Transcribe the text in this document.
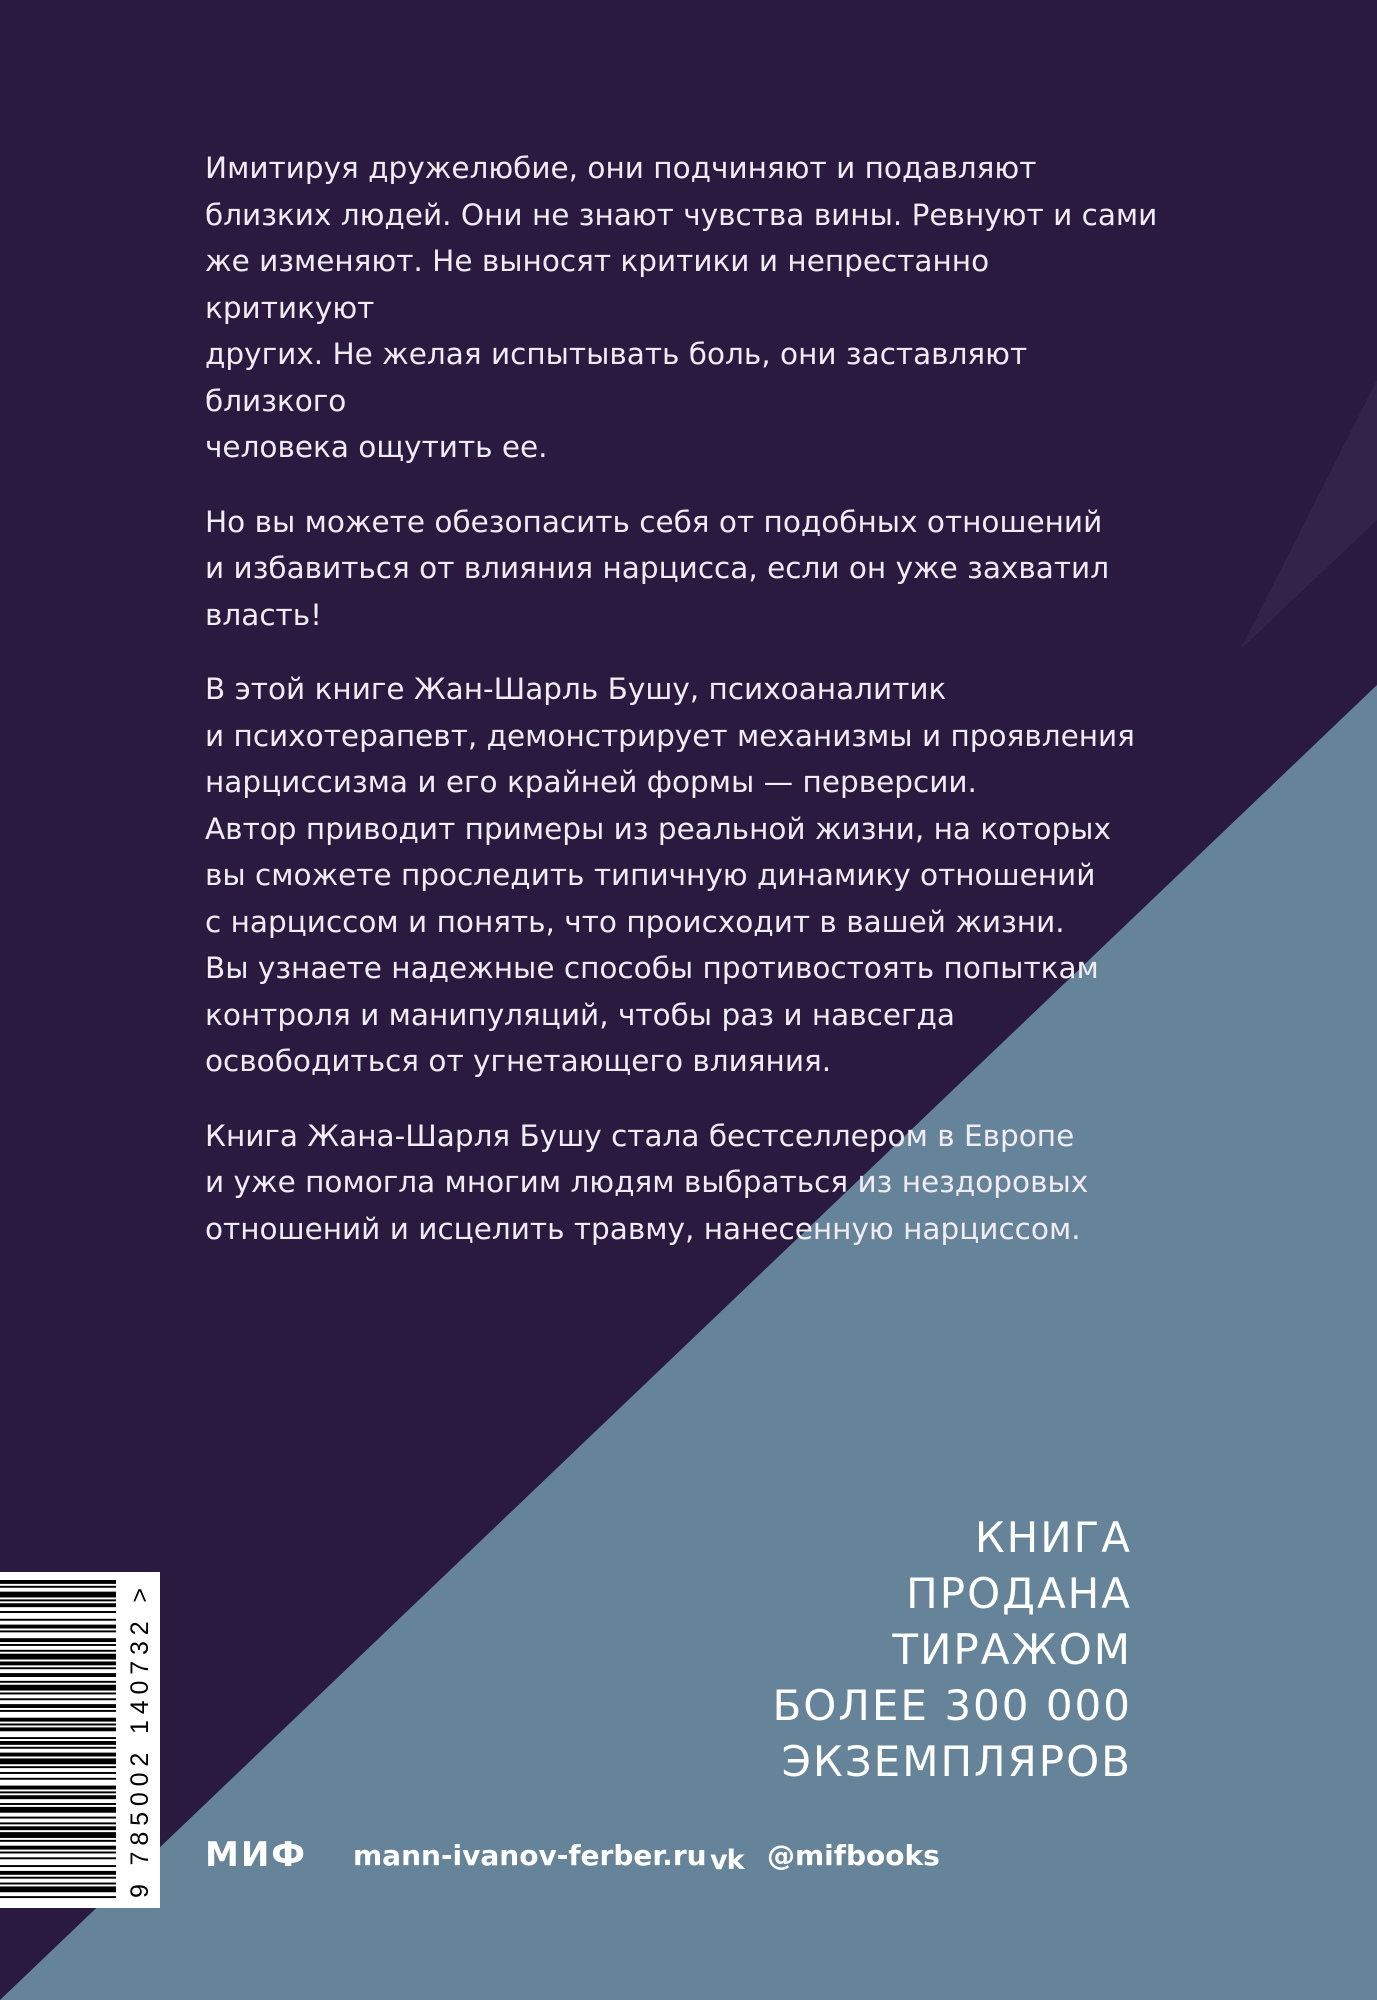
Имитируя дружелюбие, они подчиняют и подавляют
близких людей. Они не знают чувства вины. Ревнуют и сами
же изменяют. Не выносят критики и непрестанно критикуют
других. Не желая испытывать боль, они заставляют близкого
человека ощутить ее.

Но вы можете обезопасить себя от подобных отношений
и избавиться от влияния нарцисса, если он уже захватил
власть!

В этой книге Жан-Шарль Бушу, психоаналитик
и психотерапевт, демонстрирует механизмы и проявления
нарциссизма и его крайней формы — перверсии.
Автор приводит примеры из реальной жизни, на которых
вы сможете проследить типичную динамику отношений
с нарциссом и понять, что происходит в вашей жизни.
Вы узнаете надежные способы противостоять попыткам
контроля и манипуляций, чтобы раз и навсегда
освободиться от угнетающего влияния.

Книга Жана-Шарля Бушу стала бестселлером в Европе
и уже помогла многим людям выбраться из нездоровых
отношений и исцелить травму, нанесенную нарциссом.

КНИГА
ПРОДАНА
ТИРАЖОМ
БОЛЕЕ 300 000
ЭКЗЕМПЛЯРОВ
9 785002 140732 >
МИФ mann-ivanov-ferber.ru vk @mifbooks
